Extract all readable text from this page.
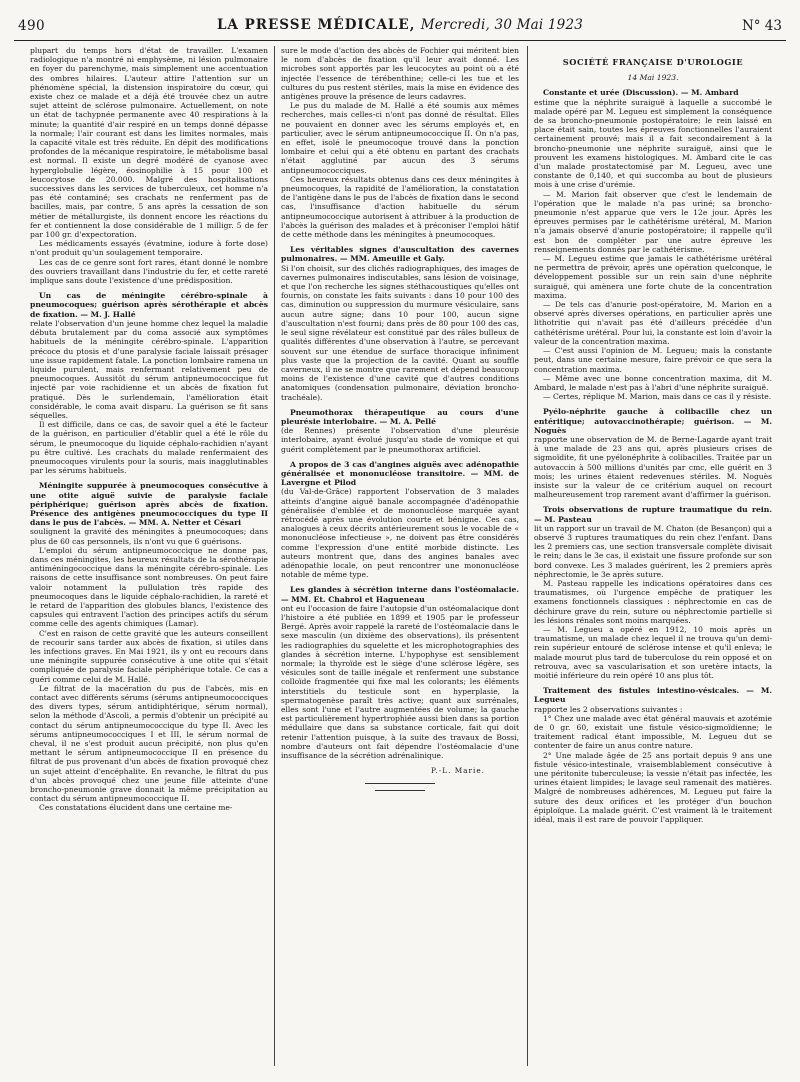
490	LA PRESSE MÉDICALE, Mercredi, 30 Mai 1923	N° 43

plupart du temps hors d'état de travailler. L'examen radiologique n'a montré ni emphysème, ni lésion pulmonaire en foyer du parenchyme, mais simplement une accentuation des ombres hilaires. L'auteur attire l'attention sur un phénomène spécial, la distension inspiratoire du cœur, qui existe chez ce malade et a déjà été trouvée chez un autre sujet atteint de sclérose pulmonaire. Actuellement, on note un état de tachypnée permanente avec 40 respirations à la minute; la quantité d'air respiré en un temps donné dépasse la normale; l'air courant est dans les limites normales, mais la capacité vitale est très réduite. En dépit des modifications profondes de la mécanique respiratoire, le métabolisme basal est normal. Il existe un degré modéré de cyanose avec hyperglobulie légère, éosinophilie à 15 pour 100 et leucocytose de 20.000. Malgré des hospitalisations successives dans les services de tuberculeux, cet homme n'a pas été contaminé; ses crachats ne renferment pas de bacilles, mais, par contre, 5 ans après la cessation de son métier de métallurgiste, ils donnent encore les réactions du fer et contiennent la dose considérable de 1 milligr. 5 de fer par 100 gr. d'expectoration.

Les médicaments essayés (évatmine, iodure à forte dose) n'ont produit qu'un soulagement temporaire.

Les cas de ce genre sont fort rares, étant donné le nombre des ouvriers travaillant dans l'industrie du fer, et cette rareté implique sans doute l'existence d'une prédisposition.

Un cas de méningite cérébro-spinale à pneumocoques; guérison après sérothérapie et abcès de fixation. — M. J. Hallé

relate l'observation d'un jeune homme chez lequel la maladie débuta brutalement par du coma associé aux symptômes habituels de la méningite cérébro-spinale. L'apparition précoce du ptosis et d'une paralysie faciale laissait présager une issue rapidement fatale. La ponction lombaire ramena un liquide purulent, mais renfermant relativement peu de pneumocoques. Aussitôt du sérum antipneumococcique fut injecté par voie rachidienne et un abcès de fixation fut pratiqué. Dès le surlendemain, l'amélioration était considérable, le coma avait disparu. La guérison se fit sans séquelles.

Il est difficile, dans ce cas, de savoir quel a été le facteur de la guérison, en particulier d'établir quel a été le rôle du sérum, le pneumocoque du liquide céphalo-rachidien n'ayant pu être cultivé. Les crachats du malade renfermaient des pneumocoques virulents pour la souris, mais inagglutinables par les sérums habituels.

Méningite suppurée à pneumocoques consécutive à une otite aiguë suivie de paralysie faciale périphérique; guérison après abcès de fixation. Présence des antigènes pneumococciques du type II dans le pus de l'abcès. — MM. A. Netter et Césari

soulignent la gravité des méningites à pneumocoques; dans plus de 60 cas personnels, ils n'ont vu que 6 guérisons.

L'emploi du sérum antipneumococcique ne donne pas, dans ces méningites, les heureux résultats de la sérothérapie antiméningococcique dans la méningite cérébro-spinale. Les raisons de cette insuffisance sont nombreuses. On peut faire valoir notamment la pullulation très rapide des pneumocoques dans le liquide céphalo-rachidien, la rareté et le retard de l'apparition des globules blancs, l'existence des capsules qui entravent l'action des principes actifs du sérum comme celle des agents chimiques (Lamar).

C'est en raison de cette gravité que les auteurs conseillent de recourir sans tarder aux abcès de fixation, si utiles dans les infections graves. En Mai 1921, ils y ont eu recours dans une méningite suppurée consécutive à une otite qui s'était compliquée de paralysie faciale périphérique totale. Ce cas a guéri comme celui de M. Hallé.

Le filtrat de la macération du pus de l'abcès, mis en contact avec différents sérums (sérums antipneumococciques des divers types, sérum antidiphtérique, sérum normal), selon la méthode d'Ascoli, a permis d'obtenir un précipité au contact du sérum antipneumococcique du type II. Avec les sérums antipneumococciques I et III, le sérum normal de cheval, il ne s'est produit aucun précipité, non plus qu'en mettant le sérum antipneumococcique II en présence du filtrat de pus provenant d'un abcès de fixation provoqué chez un sujet atteint d'encéphalite. En revanche, le filtrat du pus d'un abcès provoqué chez une jeune fille atteinte d'une broncho-pneumonie grave donnait la même précipitation au contact du sérum antipneumococcique II.

Ces constatations élucident dans une certaine me-

sure le mode d'action des abcès de Fochier qui méritent bien le nom d'abcès de fixation qu'il leur avait donné. Les microbes sont apportés par les leucocytes au point où a été injectée l'essence de térébenthine; celle-ci les tue et les cultures du pus restent stériles, mais la mise en évidence des antigènes prouve la présence de leurs cadavres.

Le pus du malade de M. Hallé a été soumis aux mêmes recherches, mais celles-ci n'ont pas donné de résultat. Elles ne pouvaient en donner avec les sérums employés et, en particulier, avec le sérum antipneumococcique II. On n'a pas, en effet, isolé le pneumocoque trouvé dans la ponction lombaire et celui qui a été obtenu en partant des crachats n'était agglutiné par aucun des 3 sérums antipneumococciques.

Ces heureux résultats obtenus dans ces deux méningites à pneumocoques, la rapidité de l'amélioration, la constatation de l'antigène dans le pus de l'abcès de fixation dans le second cas, l'insuffisance d'action habituelle du sérum antipneumococcique autorisent à attribuer à la production de l'abcès la guérison des malades et à préconiser l'emploi hâtif de cette méthode dans les méningites à pneumocoques.

Les véritables signes d'auscultation des cavernes pulmonaires. — MM. Ameuille et Galy.

Si l'on choisit, sur des clichés radiographiques, des images de cavernes pulmonaires indiscutables, sans lésion de voisinage, et que l'on recherche les signes stéthacoustiques qu'elles ont fournis, on constate les faits suivants : dans 10 pour 100 des cas, diminution ou suppression du murmure vésiculaire, sans aucun autre signe; dans 10 pour 100, aucun signe d'auscultation n'est fourni; dans près de 80 pour 100 des cas, le seul signe révélateur est constitué par des râles bulleux de qualités différentes d'une observation à l'autre, se percevant souvent sur une étendue de surface thoracique infiniment plus vaste que la projection de la cavité. Quant au souffle caverneux, il ne se montre que rarement et dépend beaucoup moins de l'existence d'une cavité que d'autres conditions anatomiques (condensation pulmonaire, déviation broncho-trachéale).

Pneumothorax thérapeutique au cours d'une pleurésie interlobaire. — M. A. Pellé

(de Rennes) présente l'observation d'une pleurésie interlobaire, ayant évolué jusqu'au stade de vomique et qui guérit complètement par le pneumothorax artificiel.

A propos de 3 cas d'angines aiguës avec adénopathie généralisée et mononucléose transitoire. — MM. de Lavergne et Pilod

(du Val-de-Grâce) rapportent l'observation de 3 malades atteints d'angine aiguë banale accompagnée d'adénopathie généralisée d'emblée et de mononucléose marquée ayant rétrocédé après une évolution courte et bénigne. Ces cas, analogues à ceux décrits antérieurement sous le vocable de « mononucléose infectieuse », ne doivent pas être considérés comme l'expression d'une entité morbide distincte. Les auteurs montrent que, dans des angines banales avec adénopathie locale, on peut rencontrer une mononucléose notable de même type.

Les glandes à sécrétion interne dans l'ostéomalacie. — MM. Et. Chabrol et Hagueneau

ont eu l'occasion de faire l'autopsie d'un ostéomalacique dont l'histoire a été publiée en 1899 et 1905 par le professeur Bergé. Après avoir rappelé la rareté de l'ostéomalacie dans le sexe masculin (un dixième des observations), ils présentent les radiographies du squelette et les microphotographies des glandes à sécrétion interne. L'hypophyse est sensiblement normale; la thyroïde est le siège d'une sclérose légère, ses vésicules sont de taille inégale et renferment une substance colloïde fragmentée qui fixe mal les colorants; les éléments interstitiels du testicule sont en hyperplasie, la spermatogenèse paraît très active; quant aux surrénales, elles sont l'une et l'autre augmentées de volume; la gauche est particulièrement hypertrophiée aussi bien dans sa portion médullaire que dans sa substance corticale, fait qui doit retenir l'attention puisque, à la suite des travaux de Bossi, nombre d'auteurs ont fait dépendre l'ostéomalacie d'une insuffisance de la sécrétion adrénalinique.

P.-L. Marie.

SOCIÉTÉ FRANÇAISE D'UROLOGIE

14 Mai 1923.

Constante et urée (Discussion). — M. Ambard

estime que la néphrite suraiguë à laquelle a succombé le malade opéré par M. Legueu est simplement la conséquence de sa broncho-pneumonie postopératoire; le rein laissé en place était sain, toutes les épreuves fonctionnelles l'auraient certainement prouvé; mais il a fait secondairement à la broncho-pneumonie une néphrite suraiguë, ainsi que le prouvent les examens histologiques. M. Ambard cite le cas d'un malade prostatectomisé par M. Legueu, avec une constante de 0,140, et qui succomba au bout de plusieurs mois à une crise d'urémie.

— M. Marion fait observer que c'est le lendemain de l'opération que le malade n'a pas uriné; sa broncho-pneumonie n'est apparue que vers le 12e jour. Après les épreuves permises par le cathétérisme urétéral, M. Marion n'a jamais observé d'anurie postopératoire; il rappelle qu'il est bon de compléter par une autre épreuve les renseignements donnés par le cathétérisme.

— M. Legueu estime que jamais le cathétérisme urétéral ne permettra de prévoir, après une opération quelconque, le développement possible sur un rein sain d'une néphrite suraiguë, qui amènera une forte chute de la concentration maxima.

— De tels cas d'anurie post-opératoire, M. Marion en a observé après diverses opérations, en particulier après une lithotritie qui n'avait pas été d'ailleurs précédée d'un cathétérisme urétéral. Pour lui, la constante est loin d'avoir la valeur de la concentration maxima.

— C'est aussi l'opinion de M. Legueu; mais la constante peut, dans une certaine mesure, faire prévoir ce que sera la concentration maxima.

— Même avec une bonne concentration maxima, dit M. Ambard, le malade n'est pas à l'abri d'une néphrite suraiguë.

— Certes, réplique M. Marion, mais dans ce cas il y résiste.

Pyélo-néphrite gauche à colibacille chez un entéritique; autovaccinothérapie; guérison. — M. Noguès

rapporte une observation de M. de Berne-Lagarde ayant trait à une malade de 23 ans qui, après plusieurs crises de sigmoïdite, fit une pyélonéphrite à colibacilles. Traitée par un autovaccin à 500 millions d'unités par cmc, elle guérit en 3 mois; les urines étaient redevenues stériles. M. Noguès insiste sur la valeur de ce critérium auquel on recourt malheureusement trop rarement avant d'affirmer la guérison.

Trois observations de rupture traumatique du rein. — M. Pasteau

lit un rapport sur un travail de M. Chaton (de Besançon) qui a observé 3 ruptures traumatiques du rein chez l'enfant. Dans les 2 premiers cas, une section transversale complète divisait le rein; dans le 3e cas, il existait une fissure profonde sur son bord convexe. Les 3 malades guérirent, les 2 premiers après néphrectomie, le 3e après suture.

M. Pasteau rappelle les indications opératoires dans ces traumatismes, où l'urgence empêche de pratiquer les examens fonctionnels classiques : néphrectomie en cas de déchirure grave du rein, suture ou néphrectomie partielle si les lésions rénales sont moins marquées.

— M. Legueu a opéré en 1912, 10 mois après un traumatisme, un malade chez lequel il ne trouva qu'un demi-rein supérieur entouré de sclérose intense et qu'il enleva; le malade mourut plus tard de tuberculose du rein opposé et on retrouva, avec sa vascularisation et son uretère intacts, la moitié inférieure du rein opéré 10 ans plus tôt.

Traitement des fistules intestino-vésicales. — M. Legueu

rapporte les 2 observations suivantes :

1° Chez une malade avec état général mauvais et azotémie de 0 gr. 60, existait une fistule vésico-sigmoïdienne; le traitement radical étant impossible, M. Legueu dut se contenter de faire un anus contre nature.

2° Une malade âgée de 25 ans portait depuis 9 ans une fistule vésico-intestinale, vraisemblablement consécutive à une péritonite tuberculeuse; la vessie n'était pas infectée, les urines étaient limpides; le lavage seul ramenait des matières. Malgré de nombreuses adhérences, M. Legueu put faire la suture des deux orifices et les protéger d'un bouchon épiploïque. La malade guérit. C'est vraiment là le traitement idéal, mais il est rare de pouvoir l'appliquer.
